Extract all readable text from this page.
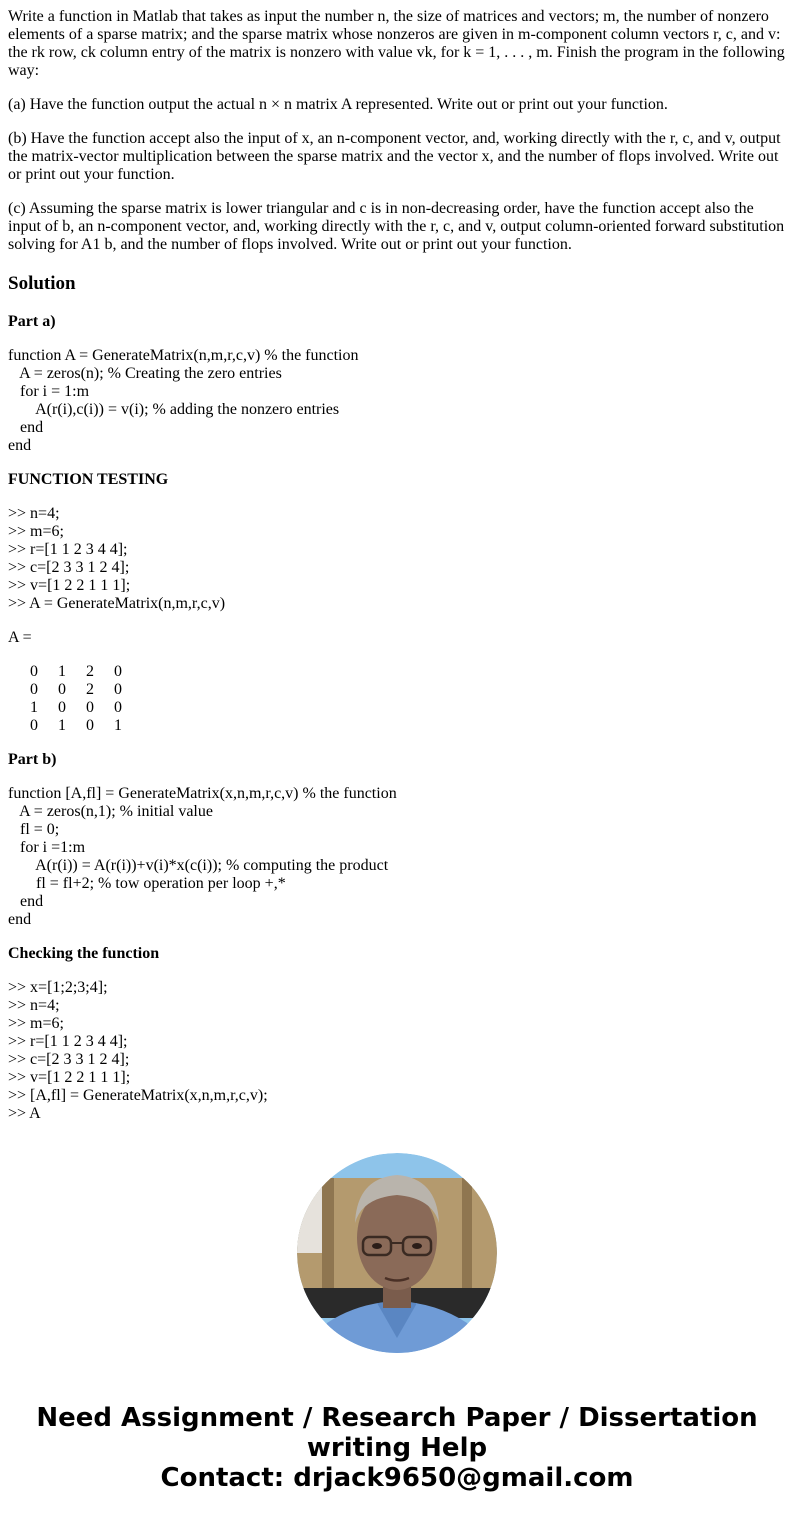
Write a function in Matlab that takes as input the number n, the size of matrices and vectors; m, the number of nonzero elements of a sparse matrix; and the sparse matrix whose nonzeros are given in m-component column vectors r, c, and v: the rk row, ck column entry of the matrix is nonzero with value vk, for k = 1, . . . , m. Finish the program in the following way:

(a) Have the function output the actual n × n matrix A represented. Write out or print out your function.

(b) Have the function accept also the input of x, an n-component vector, and, working directly with the r, c, and v, output the matrix-vector multiplication between the sparse matrix and the vector x, and the number of flops involved. Write out or print out your function.

(c) Assuming the sparse matrix is lower triangular and c is in non-decreasing order, have the function accept also the input of b, an n-component vector, and, working directly with the r, c, and v, output column-oriented forward substitution solving for A1 b, and the number of flops involved. Write out or print out your function.

Solution
Part a)
function A = GenerateMatrix(n,m,r,c,v) % the function
A = zeros(n); % Creating the zero entries
for i = 1:m
A(r(i),c(i)) = v(i); % adding the nonzero entries
end
end
FUNCTION TESTING
>> n=4;
>> m=6;
>> r=[1 1 2 3 4 4];
>> c=[2 3 3 1 2 4];
>> v=[1 2 2 1 1 1];
>> A = GenerateMatrix(n,m,r,c,v)

A =

0	1	2	0
0	0	2	0
1	0	0	0
0	1	0	1
Part b)
function [A,fl] = GenerateMatrix(x,n,m,r,c,v) % the function
A = zeros(n,1); % initial value
fl = 0;
for i =1:m
A(r(i)) = A(r(i))+v(i)*x(c(i)); % computing the product
fl = fl+2; % tow operation per loop +,*
end
end
Checking the function
>> x=[1;2;3;4];
>> n=4;
>> m=6;
>> r=[1 1 2 3 4 4];
>> c=[2 3 3 1 2 4];
>> v=[1 2 2 1 1 1];
>> [A,fl] = GenerateMatrix(x,n,m,r,c,v);
>> A
Need Assignment / Research Paper / Dissertation
writing Help
Contact: drjack9650@gmail.com
